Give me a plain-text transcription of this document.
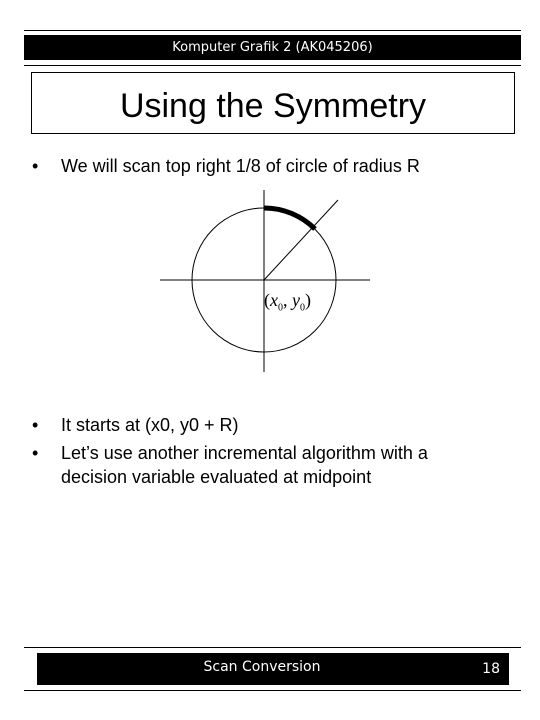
Komputer Grafik 2 (AK045206)
Using the Symmetry
• We will scan top right 1/8 of circle of radius R
($x_0$, $y_0$)
• It starts at (x0, y0 + R)
• Let’s use another incremental algorithm with a
decision variable evaluated at midpoint
Scan Conversion	18
